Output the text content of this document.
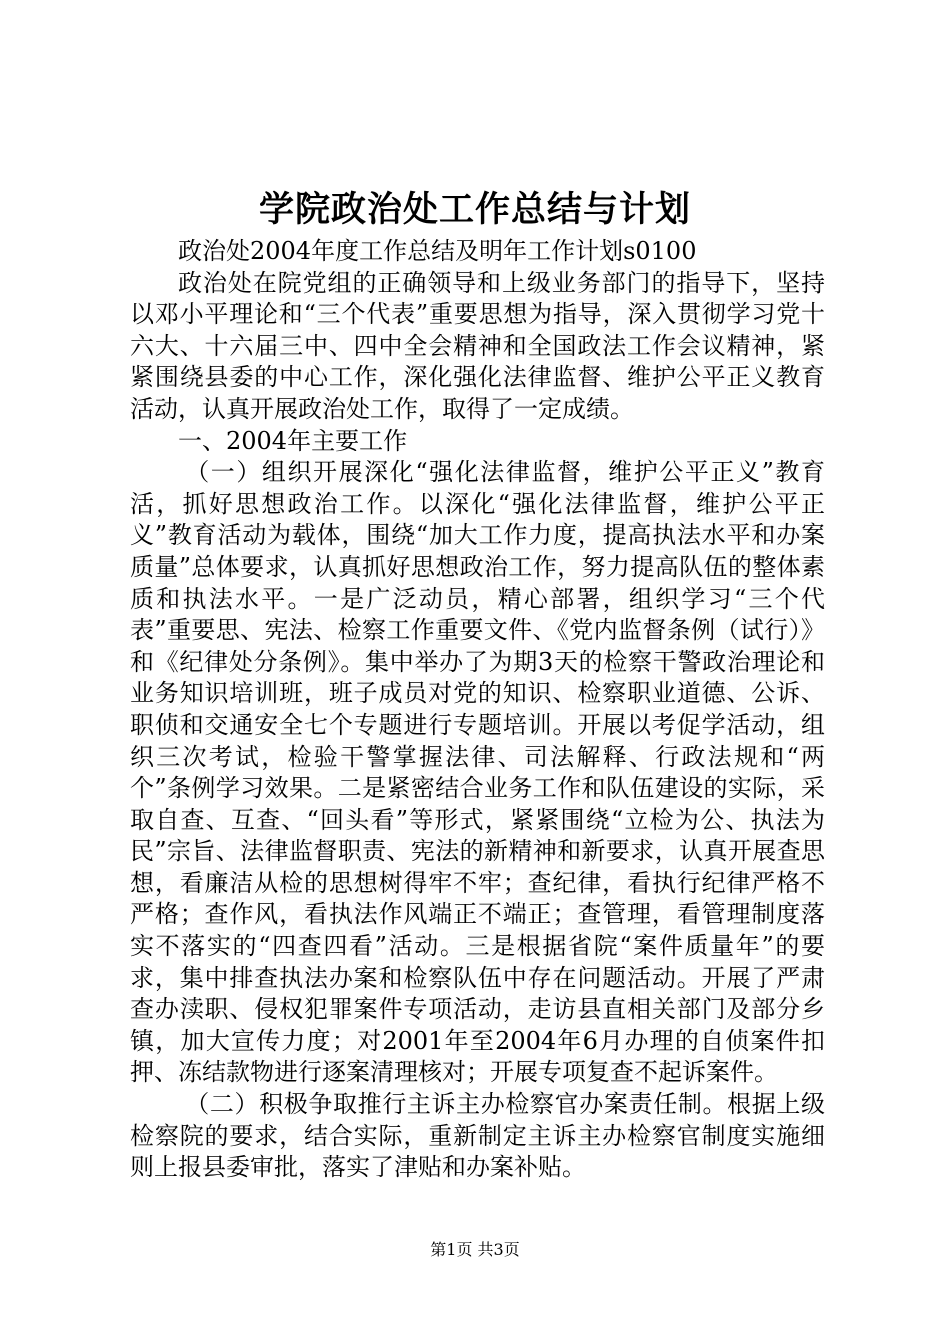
学院政治处工作总结与计划

政治处2004年度工作总结及明年工作计划s0100

政治处在院党组的正确领导和上级业务部门的指导下，坚持以邓小平理论和“三个代表”重要思想为指导，深入贯彻学习党十六大、十六届三中、四中全会精神和全国政法工作会议精神，紧紧围绕县委的中心工作，深化强化法律监督、维护公平正义教育活动，认真开展政治处工作，取得了一定成绩。

一、2004年主要工作

（一）组织开展深化“强化法律监督，维护公平正义”教育活，抓好思想政治工作。以深化“强化法律监督，维护公平正义”教育活动为载体，围绕“加大工作力度，提高执法水平和办案质量”总体要求，认真抓好思想政治工作，努力提高队伍的整体素质和执法水平。一是广泛动员，精心部署，组织学习“三个代表”重要思、宪法、检察工作重要文件、《党内监督条例（试行）》和《纪律处分条例》。集中举办了为期3天的检察干警政治理论和业务知识培训班，班子成员对党的知识、检察职业道德、公诉、职侦和交通安全七个专题进行专题培训。开展以考促学活动，组织三次考试，检验干警掌握法律、司法解释、行政法规和“两个”条例学习效果。二是紧密结合业务工作和队伍建设的实际，采取自查、互查、“回头看”等形式，紧紧围绕“立检为公、执法为民”宗旨、法律监督职责、宪法的新精神和新要求，认真开展查思想，看廉洁从检的思想树得牢不牢；查纪律，看执行纪律严格不严格；查作风，看执法作风端正不端正；查管理，看管理制度落实不落实的“四查四看”活动。三是根据省院“案件质量年”的要求，集中排查执法办案和检察队伍中存在问题活动。开展了严肃查办渎职、侵权犯罪案件专项活动，走访县直相关部门及部分乡镇，加大宣传力度；对2001年至2004年6月办理的自侦案件扣押、冻结款物进行逐案清理核对；开展专项复查不起诉案件。

（二）积极争取推行主诉主办检察官办案责任制。根据上级检察院的要求，结合实际，重新制定主诉主办检察官制度实施细则上报县委审批，落实了津贴和办案补贴。

第1页 共3页
